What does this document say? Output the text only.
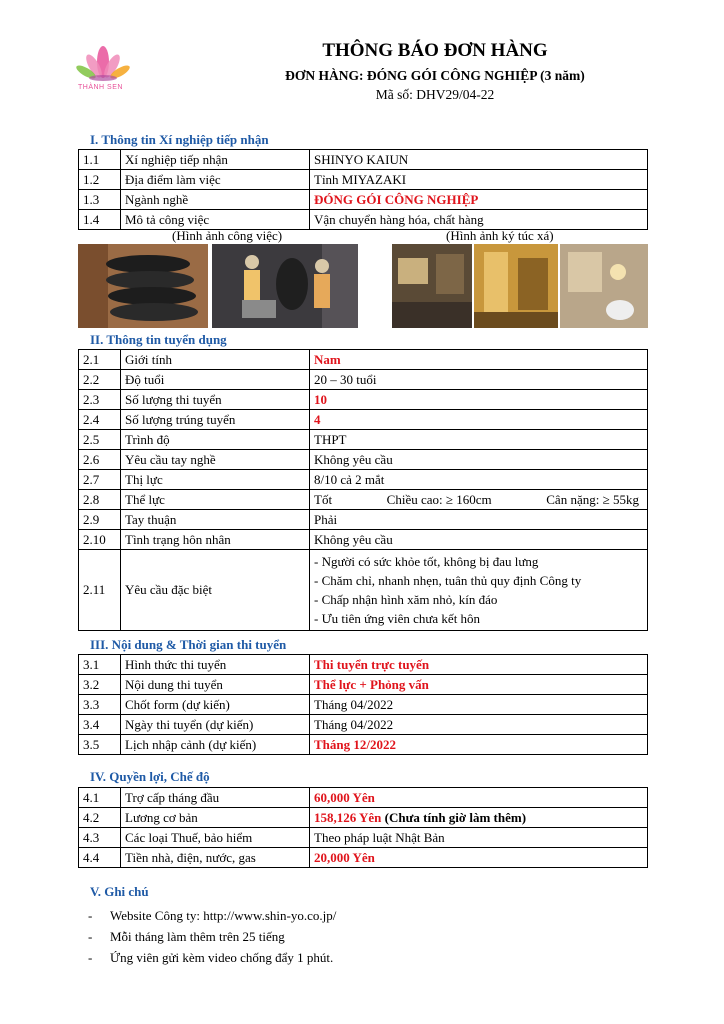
THÀNH SEN
THÔNG BÁO ĐƠN HÀNG
ĐƠN HÀNG: ĐÓNG GÓI CÔNG NGHIỆP (3 năm)
Mã số: DHV29/04-22
I. Thông tin Xí nghiệp tiếp nhận
1.1	Xí nghiệp tiếp nhận	SHINYO KAIUN
1.2	Địa điểm làm việc	Tỉnh MIYAZAKI
1.3	Ngành nghề	ĐÓNG GÓI CÔNG NGHIỆP
1.4	Mô tả công việc	Vận chuyển hàng hóa, chất hàng
(Hình ảnh công việc)	(Hình ảnh ký túc xá)
II. Thông tin tuyển dụng
2.1	Giới tính	Nam
2.2	Độ tuổi	20 – 30 tuổi
2.3	Số lượng thi tuyển	10
2.4	Số lượng trúng tuyển	4
2.5	Trình độ	THPT
2.6	Yêu cầu tay nghề	Không yêu cầu
2.7	Thị lực	8/10 cả 2 mắt
2.8	Thể lực	Tốt Chiều cao: ≥ 160cm Cân nặng: ≥ 55kg

2.9	Tay thuận	Phải
2.10	Tình trạng hôn nhân	Không yêu cầu
2.11	Yêu cầu đặc biệt	- Người có sức khỏe tốt, không bị đau lưng
- Chăm chỉ, nhanh nhẹn, tuân thủ quy định Công ty
- Chấp nhận hình xăm nhỏ, kín đáo
- Ưu tiên ứng viên chưa kết hôn
III. Nội dung & Thời gian thi tuyển
3.1	Hình thức thi tuyển	Thi tuyển trực tuyến
3.2	Nội dung thi tuyển	Thể lực + Phỏng vấn
3.3	Chốt form (dự kiến)	Tháng 04/2022
3.4	Ngày thi tuyển (dự kiến)	Tháng 04/2022
3.5	Lịch nhập cảnh (dự kiến)	Tháng 12/2022
IV. Quyền lợi, Chế độ
4.1	Trợ cấp tháng đầu	60,000 Yên
4.2	Lương cơ bản	158,126 Yên (Chưa tính giờ làm thêm)
4.3	Các loại Thuế, bảo hiểm	Theo pháp luật Nhật Bản
4.4	Tiền nhà, điện, nước, gas	20,000 Yên
V. Ghi chú
- Website Công ty: http://www.shin-yo.co.jp/
- Mỗi tháng làm thêm trên 25 tiếng
- Ứng viên gửi kèm video chống đẩy 1 phút.
